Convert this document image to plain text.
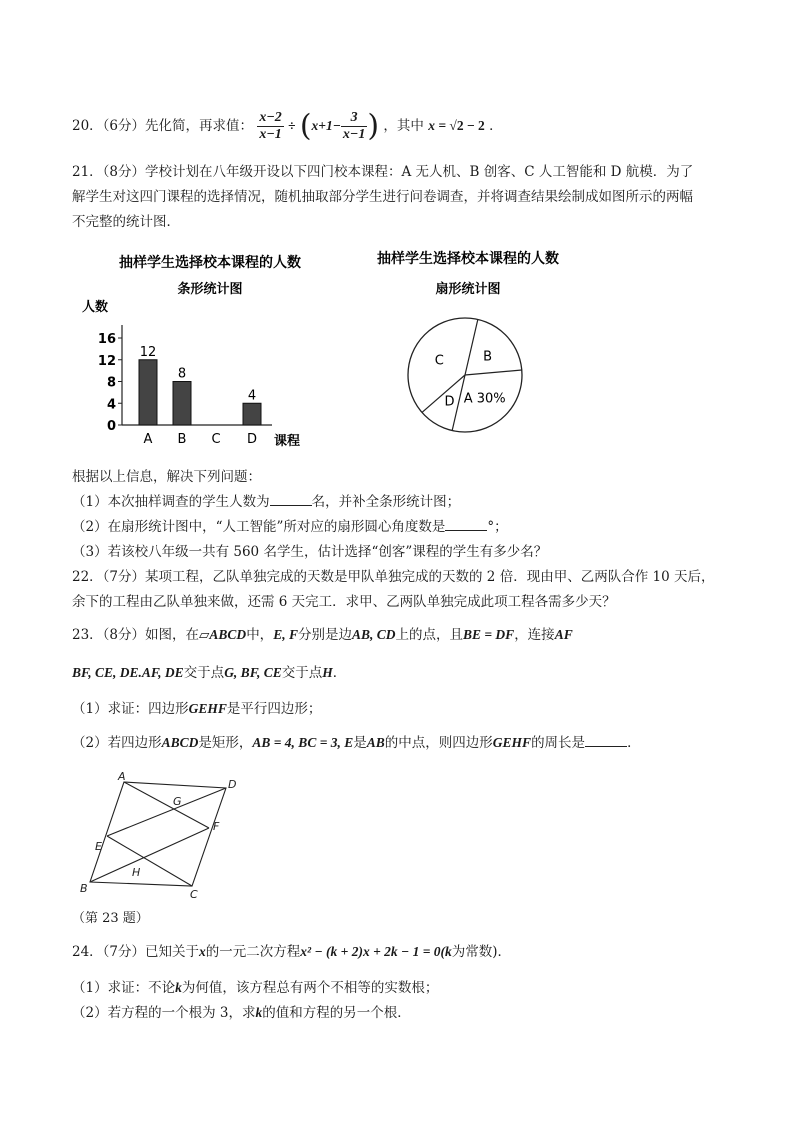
20．（6分）先化简，再求值： $\frac{x-2}{x-1} \div (x+1- \frac{3}{x-1}$ ) ，其中 x = √2 − 2 ．
21．（8分）学校计划在八年级开设以下四门校本课程：A 无人机、B 创客、C 人工智能和 D 航模．为了
解学生对这四门课程的选择情况，随机抽取部分学生进行问卷调查，并将调查结果绘制成如图所示的两幅
不完整的统计图．
抽样学生选择校本课程的人数
条形统计图
人数
0
4
8
12
16
A
12
B
8
C D
4
课程
抽样学生选择校本课程的人数
扇形统计图
B
A 30%
D
C
根据以上信息，解决下列问题：
（1）本次抽样调查的学生人数为	名，并补全条形统计图；
（2）在扇形统计图中，“人工智能”所对应的扇形圆心角度数是	°；
（3）若该校八年级一共有 560 名学生，估计选择“创客”课程的学生有多少名？
22．（7分）某项工程，乙队单独完成的天数是甲队单独完成的天数的 2 倍．现由甲、乙两队合作 10 天后，
余下的工程由乙队单独来做，还需 6 天完工．求甲、乙两队单独完成此项工程各需多少天？
23．（8分）如图，在▱ABCD中，E, F分别是边AB, CD上的点，且BE = DF，连接AF
BF, CE, DE.AF, DE交于点G, BF, CE交于点H．
（1）求证：四边形GEHF是平行四边形；
（2）若四边形ABCD是矩形，AB = 4, BC = 3, E是AB的中点，则四边形GEHF的周长是	．
A
D
G
F
E
H
B	C
（第 23 题）
24．（7分）已知关于x的一元二次方程x² − (k + 2)x + 2k − 1 = 0(k为常数)．
（1）求证：不论k为何值，该方程总有两个不相等的实数根；
（2）若方程的一个根为 3，求k的值和方程的另一个根．
